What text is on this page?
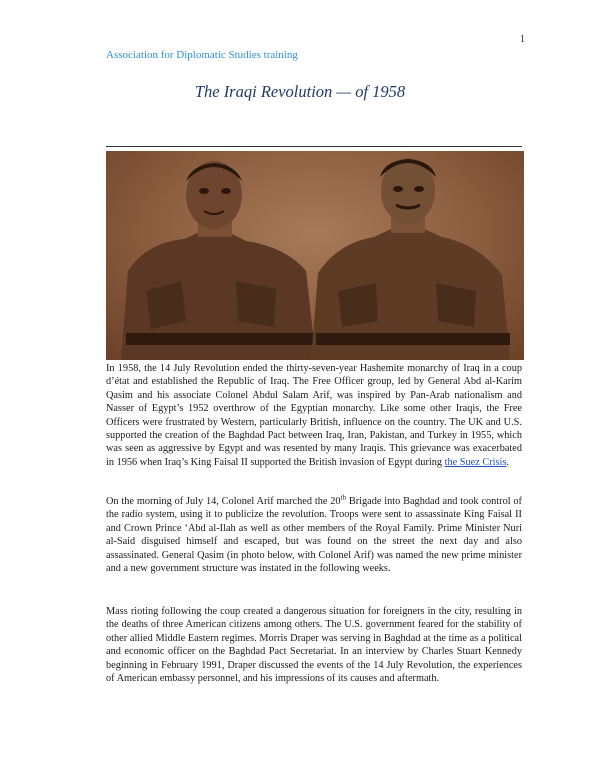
1
Association for Diplomatic Studies training
The Iraqi Revolution — of 1958

In 1958, the 14 July Revolution ended the thirty-seven-year Hashemite monarchy of Iraq in a coup d’état and established the Republic of Iraq. The Free Officer group, led by General Abd al-Karim Qasim and his associate Colonel Abdul Salam Arif, was inspired by Pan-Arab nationalism and Nasser of Egypt’s 1952 overthrow of the Egyptian monarchy. Like some other Iraqis, the Free Officers were frustrated by Western, particularly British, influence on the country. The UK and U.S. supported the creation of the Baghdad Pact between Iraq, Iran, Pakistan, and Turkey in 1955, which was seen as aggressive by Egypt and was resented by many Iraqis. This grievance was exacerbated in 1956 when Iraq’s King Faisal II supported the British invasion of Egypt during the Suez Crisis.

On the morning of July 14, Colonel Arif marched the 20th Brigade into Baghdad and took control of the radio system, using it to publicize the revolution. Troops were sent to assassinate King Faisal II and Crown Prince ‘Abd al-Ilah as well as other members of the Royal Family. Prime Minister Nuri al-Said disguised himself and escaped, but was found on the street the next day and also assassinated. General Qasim (in photo below, with Colonel Arif) was named the new prime minister and a new government structure was instated in the following weeks.

Mass rioting following the coup created a dangerous situation for foreigners in the city, resulting in the deaths of three American citizens among others. The U.S. government feared for the stability of other allied Middle Eastern regimes. Morris Draper was serving in Baghdad at the time as a political and economic officer on the Baghdad Pact Secretariat. In an interview by Charles Stuart Kennedy beginning in February 1991, Draper discussed the events of the 14 July Revolution, the experiences of American embassy personnel, and his impressions of its causes and aftermath.
